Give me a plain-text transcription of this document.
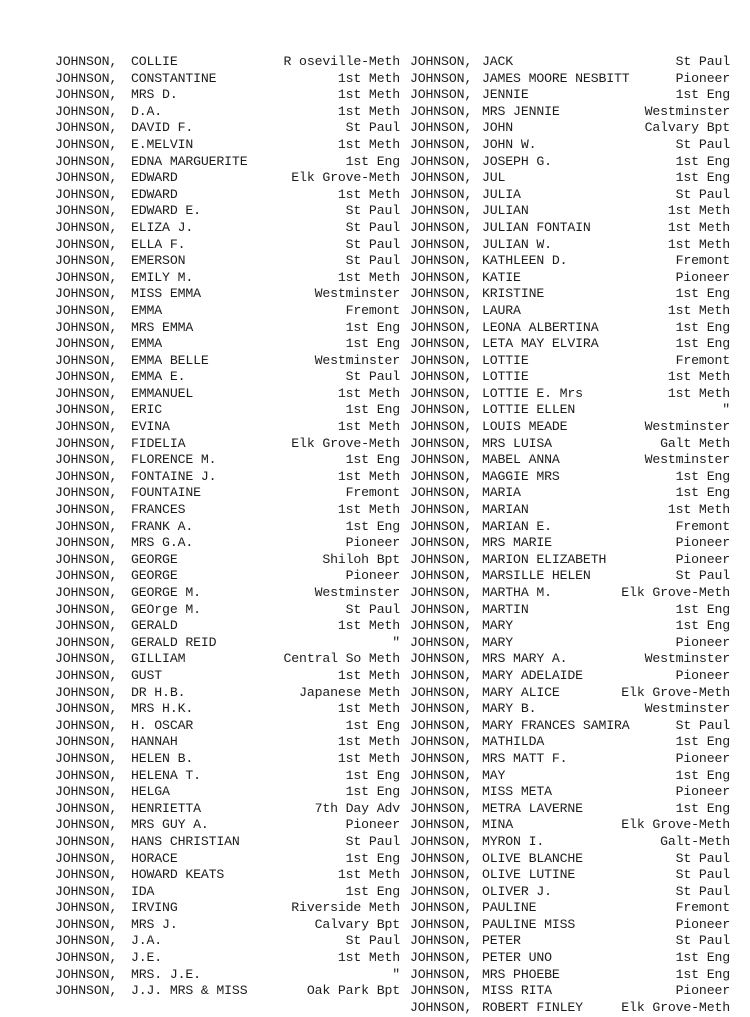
JOHNSON, COLLIE	R oseville-Meth
JOHNSON, CONSTANTINE	1st Meth
JOHNSON, MRS D.	1st Meth
JOHNSON, D.A.	1st Meth
JOHNSON, DAVID F.	St Paul
JOHNSON, E.MELVIN	1st Meth
JOHNSON, EDNA MARGUERITE	1st Eng
JOHNSON, EDWARD	Elk Grove-Meth
JOHNSON, EDWARD	1st Meth
JOHNSON, EDWARD E.	St Paul
JOHNSON, ELIZA J.	St Paul
JOHNSON, ELLA F.	St Paul
JOHNSON, EMERSON	St Paul
JOHNSON, EMILY M.	1st Meth
JOHNSON, MISS EMMA	Westminster
JOHNSON, EMMA	Fremont
JOHNSON, MRS EMMA	1st Eng
JOHNSON, EMMA	1st Eng
JOHNSON, EMMA BELLE	Westminster
JOHNSON, EMMA E.	St Paul
JOHNSON, EMMANUEL	1st Meth
JOHNSON, ERIC	1st Eng
JOHNSON, EVINA	1st Meth
JOHNSON, FIDELIA	Elk Grove-Meth
JOHNSON, FLORENCE M.	1st Eng
JOHNSON, FONTAINE J.	1st Meth
JOHNSON, FOUNTAINE	Fremont
JOHNSON, FRANCES	1st Meth
JOHNSON, FRANK A.	1st Eng
JOHNSON, MRS G.A.	Pioneer
JOHNSON, GEORGE	Shiloh Bpt
JOHNSON, GEORGE	Pioneer
JOHNSON, GEORGE M.	Westminster
JOHNSON, GEOrge M.	St Paul
JOHNSON, GERALD	1st Meth
JOHNSON, GERALD REID	"
JOHNSON, GILLIAM	Central So Meth
JOHNSON, GUST	1st Meth
JOHNSON, DR H.B.	Japanese Meth
JOHNSON, MRS H.K.	1st Meth
JOHNSON, H. OSCAR	1st Eng
JOHNSON, HANNAH	1st Meth
JOHNSON, HELEN B.	1st Meth
JOHNSON, HELENA T.	1st Eng
JOHNSON, HELGA	1st Eng
JOHNSON, HENRIETTA	7th Day Adv
JOHNSON, MRS GUY A.	Pioneer
JOHNSON, HANS CHRISTIAN	St Paul
JOHNSON, HORACE	1st Eng
JOHNSON, HOWARD KEATS	1st Meth
JOHNSON, IDA	1st Eng
JOHNSON, IRVING	Riverside Meth
JOHNSON, MRS J.	Calvary Bpt
JOHNSON, J.A.	St Paul
JOHNSON, J.E.	1st Meth
JOHNSON, MRS. J.E.	"
JOHNSON, J.J. MRS & MISS	Oak Park Bpt
JOHNSON, JACK	St Paul
JOHNSON, JAMES MOORE NESBITT	Pioneer
JOHNSON, JENNIE	1st Eng
JOHNSON, MRS JENNIE	Westminster
JOHNSON, JOHN	Calvary Bpt
JOHNSON, JOHN W.	St Paul
JOHNSON, JOSEPH G.	1st Eng
JOHNSON, JUL	1st Eng
JOHNSON, JULIA	St Paul
JOHNSON, JULIAN	1st Meth
JOHNSON, JULIAN FONTAIN	1st Meth
JOHNSON, JULIAN W.	1st Meth
JOHNSON, KATHLEEN D.	Fremont
JOHNSON, KATIE	Pioneer
JOHNSON, KRISTINE	1st Eng
JOHNSON, LAURA	1st Meth
JOHNSON, LEONA ALBERTINA	1st Eng
JOHNSON, LETA MAY ELVIRA	1st Eng
JOHNSON, LOTTIE	Fremont
JOHNSON, LOTTIE	1st Meth
JOHNSON, LOTTIE E. Mrs	1st Meth
JOHNSON, LOTTIE ELLEN	"
JOHNSON, LOUIS MEADE	Westminster
JOHNSON, MRS LUISA	Galt Meth
JOHNSON, MABEL ANNA	Westminster
JOHNSON, MAGGIE MRS	1st Eng
JOHNSON, MARIA	1st Eng
JOHNSON, MARIAN	1st Meth
JOHNSON, MARIAN E.	Fremont
JOHNSON, MRS MARIE	Pioneer
JOHNSON, MARION ELIZABETH	Pioneer
JOHNSON, MARSILLE HELEN	St Paul
JOHNSON, MARTHA M.	Elk Grove-Meth
JOHNSON, MARTIN	1st Eng
JOHNSON, MARY	1st Eng
JOHNSON, MARY	Pioneer
JOHNSON, MRS MARY A.	Westminster
JOHNSON, MARY ADELAIDE	Pioneer
JOHNSON, MARY ALICE	Elk Grove-Meth
JOHNSON, MARY B.	Westminster
JOHNSON, MARY FRANCES SAMIRA	St Paul
JOHNSON, MATHILDA	1st Eng
JOHNSON, MRS MATT F.	Pioneer
JOHNSON, MAY	1st Eng
JOHNSON, MISS META	Pioneer
JOHNSON, METRA LAVERNE	1st Eng
JOHNSON, MINA	Elk Grove-Meth
JOHNSON, MYRON I.	Galt-Meth
JOHNSON, OLIVE BLANCHE	St Paul
JOHNSON, OLIVE LUTINE	St Paul
JOHNSON, OLIVER J.	St Paul
JOHNSON, PAULINE	Fremont
JOHNSON, PAULINE MISS	Pioneer
JOHNSON, PETER	St Paul
JOHNSON, PETER UNO	1st Eng
JOHNSON, MRS PHOEBE	1st Eng
JOHNSON, MISS RITA	Pioneer
JOHNSON, ROBERT FINLEY	Elk Grove-Meth
